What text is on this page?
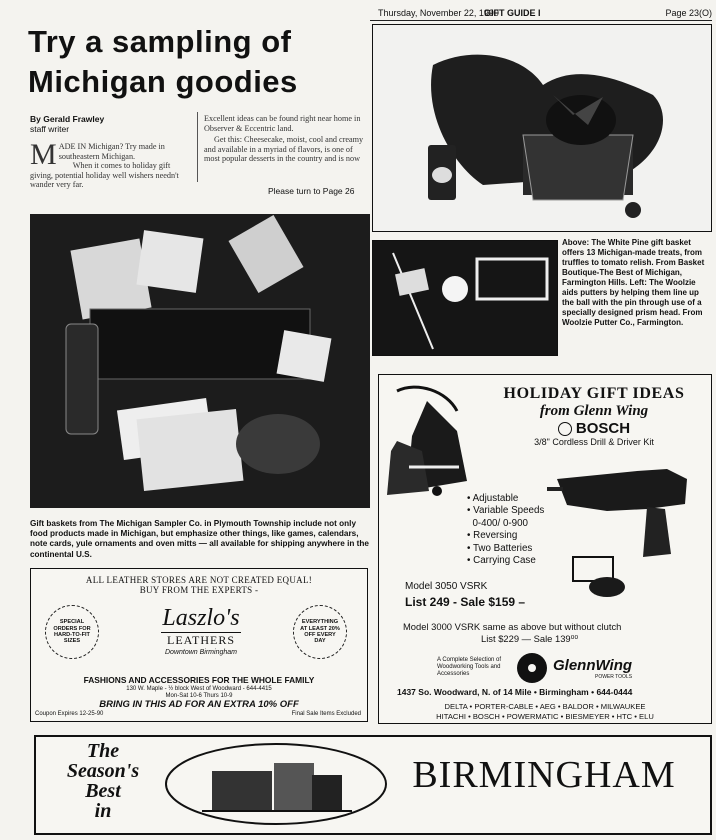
Thursday, November 22, 1990
GIFT GUIDE I	Page 23(O)
Try a sampling of
Michigan goodies
By Gerald Frawley
staff writer
M ADE IN Michigan? Try made in southeastern Michigan.
When it comes to holiday gift giving, potential holiday well wishers needn't wander very far.
Excellent ideas can be found right near home in Observer & Eccentric land.
Get this: Cheesecake, moist, cool and creamy and available in a myriad of flavors, is one of most popular desserts in the country and is now
Please turn to Page 26
Above: The White Pine gift basket offers 13 Michigan-made treats, from truffles to tomato relish. From Basket Boutique-The Best of Michigan, Farmington Hills. Left: The Woolzie aids putters by helping them line up the ball with the pin through use of a specially designed prism head. From Woolzie Putter Co., Farmington.
Gift baskets from The Michigan Sampler Co. in Plymouth Township include not only food products made in Michigan, but emphasize other things, like games, calendars, note cards, yule ornaments and oven mitts — all available for shipping anywhere in the continental U.S.
ALL LEATHER STORES ARE NOT CREATED EQUAL!
BUY FROM THE EXPERTS -
SPECIAL ORDERS FOR HARD-TO-FIT SIZES
Laszlo's
LEATHERS
Downtown Birmingham
EVERYTHING AT LEAST 20% OFF EVERY DAY
FASHIONS AND ACCESSORIES FOR THE WHOLE FAMILY
130 W. Maple - ½ block West of Woodward - 644-4415
Mon-Sat 10-6 Thurs 10-9
BRING IN THIS AD FOR AN EXTRA 10% OFF
Coupon Expires 12-25-90	Final Sale Items Excluded
HOLIDAY GIFT IDEAS
from Glenn Wing
BOSCH
3/8" Cordless Drill & Driver Kit
• Adjustable
• Variable Speeds
0-400/ 0-900
• Reversing
• Two Batteries
• Carrying Case
Model 3050 VSRK
List 249 - Sale $159 –
Model 3000 VSRK same as above but without clutch
List $229 — Sale 139⁰⁰
A Complete Selection of Woodworking Tools and Accessories
GlennWing
POWER TOOLS
1437 So. Woodward, N. of 14 Mile • Birmingham • 644-0444
DELTA • PORTER-CABLE • AEG • BALDOR • MILWAUKEE
HITACHI • BOSCH • POWERMATIC • BIESMEYER • HTC • ELU
The
Season's
Best
in
BIRMINGHAM
